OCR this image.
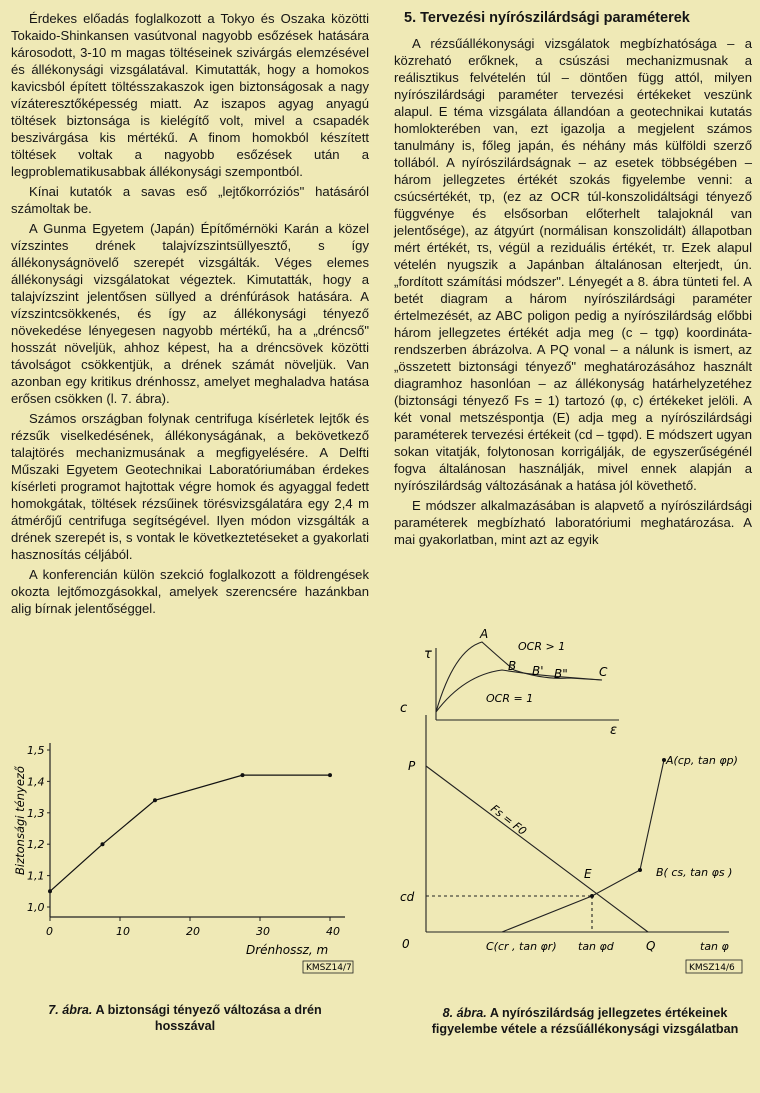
Érdekes előadás foglalkozott a Tokyo és Oszaka közötti Tokaido-Shinkansen vasútvonal nagyobb esőzések hatására károsodott, 3-10 m magas töltéseinek szivárgás elemzésével és állékonysági vizsgálatával. Kimutatták, hogy a homokos kavicsból épített töltésszakaszok igen biztonságosak a nagy vízáteresztőképesség miatt. Az iszapos agyag anyagú töltések biztonsága is kielégítő volt, mivel a csapadék beszivárgása kis mértékű. A finom homokból készített töltések voltak a nagyobb esőzések után a legproblematikusabbak állékonysági szempontból.

Kínai kutatók a savas eső „lejtőkorróziós" hatásáról számoltak be.

A Gunma Egyetem (Japán) Építőmérnöki Karán a közel vízszintes drének talajvízszintsüllyesztő, s így állékonyságnövelő szerepét vizsgálták. Véges elemes állékonysági vizsgálatokat végeztek. Kimutatták, hogy a talajvízszint jelentősen süllyed a drénfúrások hatására. A vízszintcsökkenés, és így az állékonysági tényező növekedése lényegesen nagyobb mértékű, ha a „dréncső" hosszát növeljük, ahhoz képest, ha a dréncsövek közötti távolságot csökkentjük, a drének számát növeljük. Van azonban egy kritikus drénhossz, amelyet meghaladva hatása erősen csökken (l. 7. ábra).

Számos országban folynak centrifuga kísérletek lejtők és rézsűk viselkedésének, állékonyságának, a bekövetkező talajtörés mechanizmusának a megfigyelésére. A Delfti Műszaki Egyetem Geotechnikai Laboratóriumában érdekes kísérleti programot hajtottak végre homok és agyaggal fedett homokgátak, töltések rézsűinek törésvizsgálatára egy 2,4 m átmérőjű centrifuga segítségével. Ilyen módon vizsgálták a drének szerepét is, s vontak le következtetéseket a gyakorlati hasznosítás céljából.

A konferencián külön szekció foglalkozott a földrengések okozta lejtőmozgásokkal, amelyek szerencsére hazánkban alig bírnak jelentőséggel.

5. Tervezési nyírószilárdsági paraméterek

A rézsűállékonysági vizsgálatok megbízhatósága – a közreható erőknek, a csúszási mechanizmusnak a reálisztikus felvételén túl – döntően függ attól, milyen nyírószilárdsági paraméter tervezési értékeket veszünk alapul. E téma vizsgálata állandóan a geotechnikai kutatás homlokterében van, ezt igazolja a megjelent számos tanulmány is, főleg japán, és néhány más külföldi szerző tollából. A nyírószilárdságnak – az esetek többségében – három jellegzetes értékét szokás figyelembe venni: a csúcsértékét, τp, (ez az OCR túl-konszolidáltsági tényező függvénye és elsősorban előterhelt talajoknál van jelentősége), az átgyúrt (normálisan konszolidált) állapotban mért értékét, τs, végül a reziduális értékét, τr. Ezek alapul vételén nyugszik a Japánban általánosan elterjedt, ún. „fordított számítási módszer". Lényegét a 8. ábra tünteti fel. A betét diagram a három nyírószilárdsági paraméter értelmezését, az ABC poligon pedig a nyírószilárdság előbbi három jellegzetes értékét adja meg (c – tgφ) koordináta-rendszerben ábrázolva. A PQ vonal – a nálunk is ismert, az „összetett biztonsági tényező" meghatározásához használt diagramhoz hasonlóan – az állékonyság határhelyzetéhez (biztonsági tényező Fs = 1) tartozó (φ, c) értékeket jelöli. A két vonal metszéspontja (E) adja meg a nyírószilárdsági paraméterek tervezési értékeit (cd – tgφd). E módszert ugyan sokan vitatják, folytonosan korrigálják, de egyszerűségénél fogva általánosan használják, mivel ennek alapján a nyírószilárdság változásának a hatása jól követhető.

E módszer alkalmazásában is alapvető a nyírószilárdsági paraméterek megbízható laboratóriumi meghatározása. A mai gyakorlatban, mint azt az egyik

1,0
1,1
1,2
1,3
1,4
1,5
0	10	20	30	40
Biztonsági tényező
Drénhossz, m
KMSZ14/7
7. ábra. A biztonsági tényező változása a drén hosszával
τ
ε
A
B B' B"	C
OCR > 1
OCR = 1
c
P
0
cd
E
Q
A(cp, tan φp)
B( cs, tan φs )
C(cr , tan φr) tan φd	tan φ
Fs = F0
KMSZ14/6
8. ábra. A nyírószilárdság jellegzetes értékeinek figyelembe vétele a rézsűállékonysági vizsgálatban
